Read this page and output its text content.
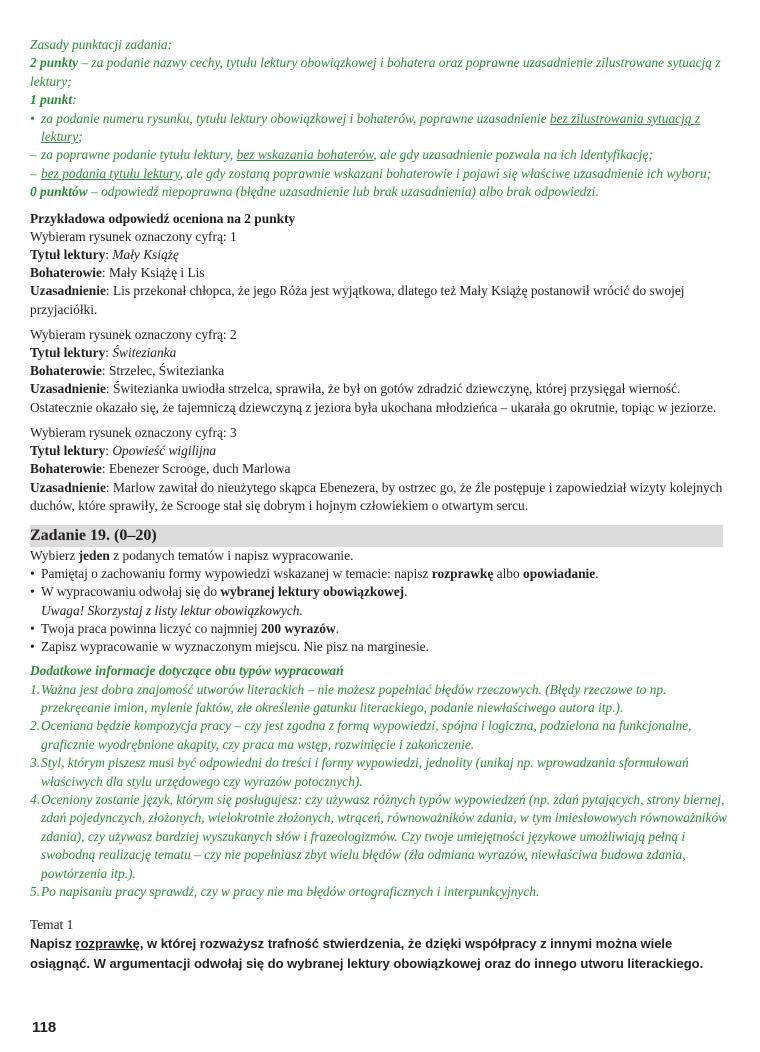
Zasady punktacji zadania:

2 punkty – za podanie nazwy cechy, tytułu lektury obowiązkowej i bohatera oraz poprawne uzasadnienie zilustrowane sytuacją z lektury;

1 punkt:

• za podanie numeru rysunku, tytułu lektury obowiązkowej i bohaterów, poprawne uzasadnienie bez zilustrowania sytuacją z lektury;
– za poprawne podanie tytułu lektury, bez wskazania bohaterów, ale gdy uzasadnienie pozwala na ich identyfikację;
– bez podania tytułu lektury, ale gdy zostaną poprawnie wskazani bohaterowie i pojawi się właściwe uzasadnienie ich wyboru;

0 punktów – odpowiedź niepoprawna (błędne uzasadnienie lub brak uzasadnienia) albo brak odpowiedzi.

Przykładowa odpowiedź oceniona na 2 punkty

Wybieram rysunek oznaczony cyfrą: 1

Tytuł lektury: Mały Książę

Bohaterowie: Mały Książę i Lis

Uzasadnienie: Lis przekonał chłopca, że jego Róża jest wyjątkowa, dlatego też Mały Książę postanowił wrócić do swojej przyjaciółki.

Wybieram rysunek oznaczony cyfrą: 2

Tytuł lektury: Świtezianka

Bohaterowie: Strzelec, Świtezianka

Uzasadnienie: Świtezianka uwiodła strzelca, sprawiła, że był on gotów zdradzić dziewczynę, której przysięgał wierność. Ostatecznie okazało się, że tajemniczą dziewczyną z jeziora była ukochana młodzieńca – ukarała go okrutnie, topiąc w jeziorze.

Wybieram rysunek oznaczony cyfrą: 3

Tytuł lektury: Opowieść wigilijna

Bohaterowie: Ebenezer Scrooge, duch Marlowa

Uzasadnienie: Marlow zawitał do nieużytego skąpca Ebenezera, by ostrzec go, że źle postępuje i zapowiedział wizyty kolejnych duchów, które sprawiły, że Scrooge stał się dobrym i hojnym człowiekiem o otwartym sercu.

Zadanie 19. (0–20)

Wybierz jeden z podanych tematów i napisz wypracowanie.

• Pamiętaj o zachowaniu formy wypowiedzi wskazanej w temacie: napisz rozprawkę albo opowiadanie.
• W wypracowaniu odwołaj się do wybranej lektury obowiązkowej.

Uwaga! Skorzystaj z listy lektur obowiązkowych.

• Twoja praca powinna liczyć co najmniej 200 wyrazów.
• Zapisz wypracowanie w wyznaczonym miejscu. Nie pisz na marginesie.

Dodatkowe informacje dotyczące obu typów wypracowań

1. Ważna jest dobra znajomość utworów literackich – nie możesz popełniać błędów rzeczowych. (Błędy rzeczowe to np. przekręcanie imion, mylenie faktów, złe określenie gatunku literackiego, podanie niewłaściwego autora itp.).
2. Oceniana będzie kompozycja pracy – czy jest zgodna z formą wypowiedzi, spójna i logiczna, podzielona na funkcjonalne, graficznie wyodrębnione akapity, czy praca ma wstęp, rozwinięcie i zakończenie.
3. Styl, którym piszesz musi być odpowiedni do treści i formy wypowiedzi, jednolity (unikaj np. wprowadzania sformułowań właściwych dla stylu urzędowego czy wyrazów potocznych).
4. Oceniony zostanie język, którym się posługujesz: czy używasz różnych typów wypowiedzeń (np. zdań pytających, strony biernej, zdań pojedynczych, złożonych, wielokrotnie złożonych, wtrąceń, równoważników zdania, w tym imiesłowowych równoważników zdania), czy używasz bardziej wyszukanych słów i frazeologizmów. Czy twoje umiejętności językowe umożliwiają pełną i swobodną realizację tematu – czy nie popełniasz zbyt wielu błędów (źła odmiana wyrazów, niewłaściwa budowa zdania, powtórzenia itp.).
5. Po napisaniu pracy sprawdź, czy w pracy nie ma błędów ortograficznych i interpunkcyjnych.

Temat 1

Napisz rozprawkę, w której rozważysz trafność stwierdzenia, że dzięki współpracy z innymi można wiele osiągnąć. W argumentacji odwołaj się do wybranej lektury obowiązkowej oraz do innego utworu literackiego.

118
